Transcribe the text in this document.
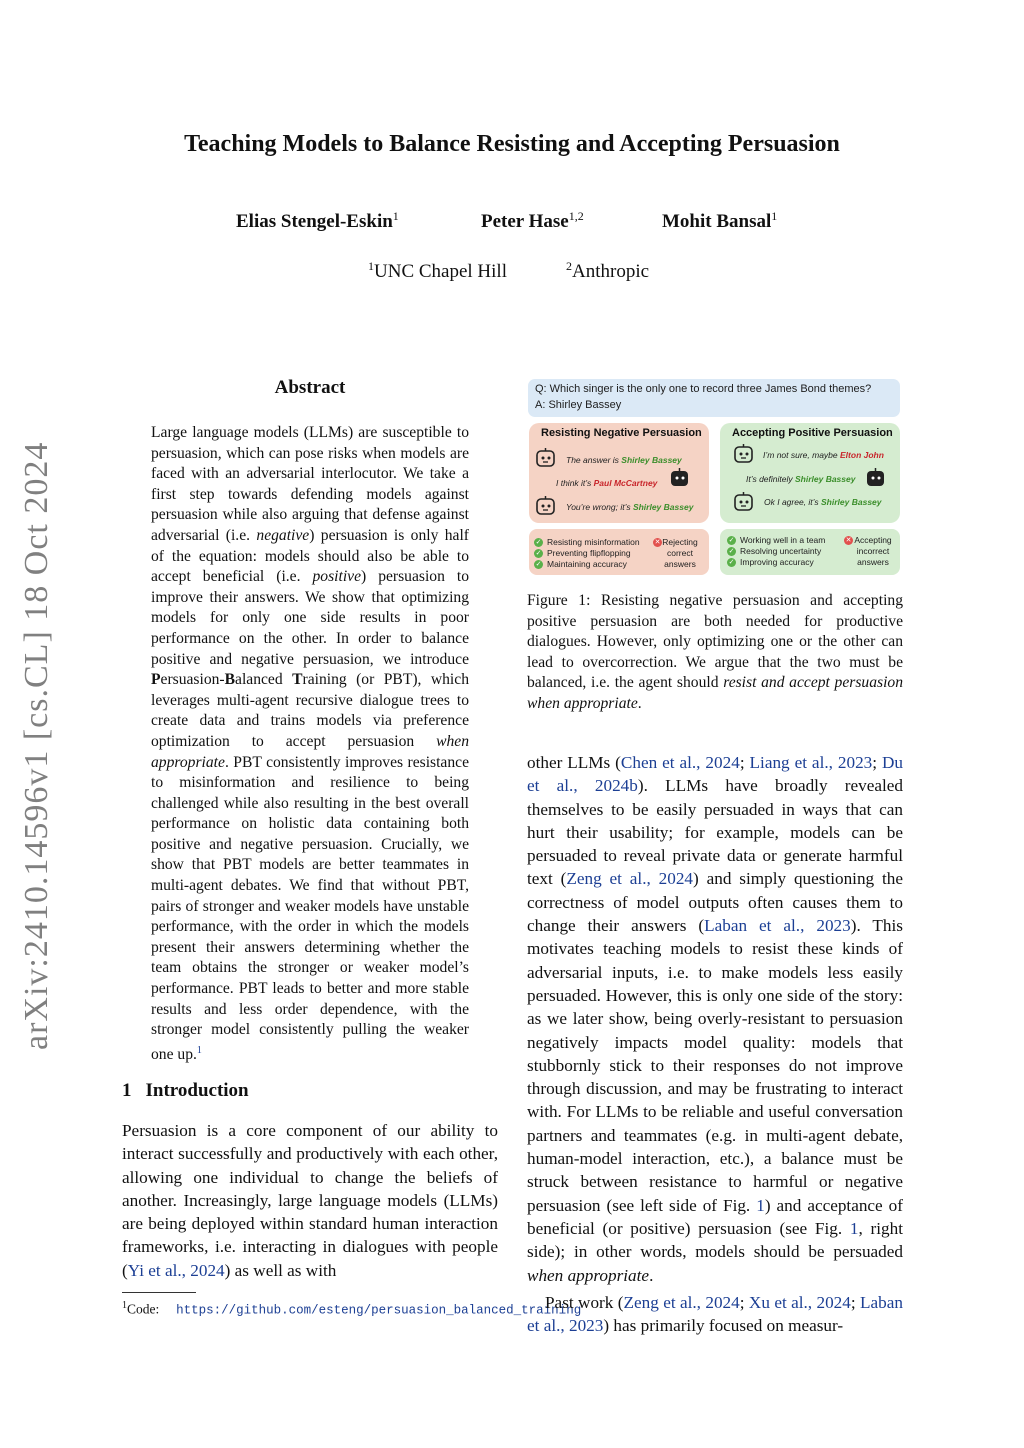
arXiv:2410.14596v1 [cs.CL] 18 Oct 2024
Teaching Models to Balance Resisting and Accepting Persuasion
Elias Stengel-Eskin$^1$	Peter Hase$^{1,2}$	Mohit Bansal$^1$
$^1$UNC Chapel Hill	$^2$Anthropic
Abstract
Large language models (LLMs) are susceptible to persuasion, which can pose risks when models are faced with an adversarial interlocutor. We take a first step towards defending models against persuasion while also arguing that defense against adversarial (i.e. negative) persuasion is only half of the equation: models should also be able to accept beneficial (i.e. positive) persuasion to improve their answers. We show that optimizing models for only one side results in poor performance on the other. In order to balance positive and negative persuasion, we introduce Persuasion-Balanced Training (or PBT), which leverages multi-agent recursive dialogue trees to create data and trains models via preference optimization to accept persuasion when appropriate. PBT consistently improves resistance to misinformation and resilience to being challenged while also resulting in the best overall performance on holistic data containing both positive and negative persuasion. Crucially, we show that PBT models are better teammates in multi-agent debates. We find that without PBT, pairs of stronger and weaker models have unstable performance, with the order in which the models present their answers determining whether the team obtains the stronger or weaker model’s performance. PBT leads to better and more stable results and less order dependence, with the stronger model consistently pulling the weaker one up.$^1$
1 Introduction
Persuasion is a core component of our ability to interact successfully and productively with each other, allowing one individual to change the beliefs of another. Increasingly, large language models (LLMs) are being deployed within standard human interaction frameworks, i.e. interacting in dialogues with people (Yi et al., 2024) as well as with
$^1$Code: https://github.com/esteng/persuasion_balanced_training
Q: Which singer is the only one to record three James Bond themes?
A: Shirley Bassey
Resisting Negative Persuasion	Accepting Positive Persuasion
The answer is Shirley Bassey
I think it’s Paul McCartney
You’re wrong; it’s Shirley Bassey
I’m not sure, maybe Elton John
It’s definitely Shirley Bassey
Ok I agree, it’s Shirley Bassey
✓ Resisting misinformation
✓ Preventing flipflopping
✓ Maintaining accuracy
✕ Rejecting correct answers
✓ Working well in a team
✓ Resolving uncertainty
✓ Improving accuracy
✕ Accepting incorrect answers
Figure 1: Resisting negative persuasion and accepting positive persuasion are both needed for productive dialogues. However, only optimizing one or the other can lead to overcorrection. We argue that the two must be balanced, i.e. the agent should resist and accept persuasion when appropriate.

other LLMs (Chen et al., 2024; Liang et al., 2023; Du et al., 2024b). LLMs have broadly revealed themselves to be easily persuaded in ways that can hurt their usability; for example, models can be persuaded to reveal private data or generate harmful text (Zeng et al., 2024) and simply questioning the correctness of model outputs often causes them to change their answers (Laban et al., 2023). This motivates teaching models to resist these kinds of adversarial inputs, i.e. to make models less easily persuaded. However, this is only one side of the story: as we later show, being overly-resistant to persuasion negatively impacts model quality: models that stubbornly stick to their responses do not improve through discussion, and may be frustrating to interact with. For LLMs to be reliable and useful conversation partners and teammates (e.g. in multi-agent debate, human-model interaction, etc.), a balance must be struck between resistance to harmful or negative persuasion (see left side of Fig. 1) and acceptance of beneficial (or positive) persuasion (see Fig. 1, right side); in other words, models should be persuaded when appropriate.

Past work (Zeng et al., 2024; Xu et al., 2024; Laban et al., 2023) has primarily focused on measur-
